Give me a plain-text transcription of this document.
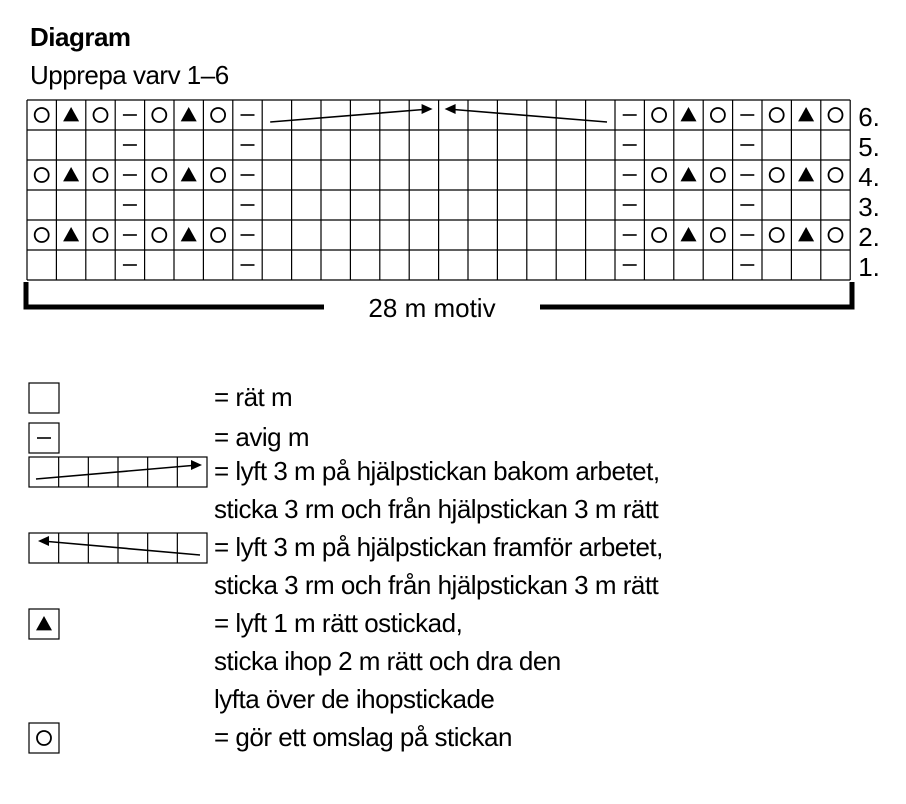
Diagram
Upprepa varv 1–6
6.
5.
4.
3.
2.
1.
28 m motiv
= rät m
= avig m
= lyft 3 m på hjälpstickan bakom arbetet,
sticka 3 rm och från hjälpstickan 3 m rätt
= lyft 3 m på hjälpstickan framför arbetet,
sticka 3 rm och från hjälpstickan 3 m rätt
= lyft 1 m rätt ostickad,
sticka ihop 2 m rätt och dra den
lyfta över de ihopstickade
= gör ett omslag på stickan
